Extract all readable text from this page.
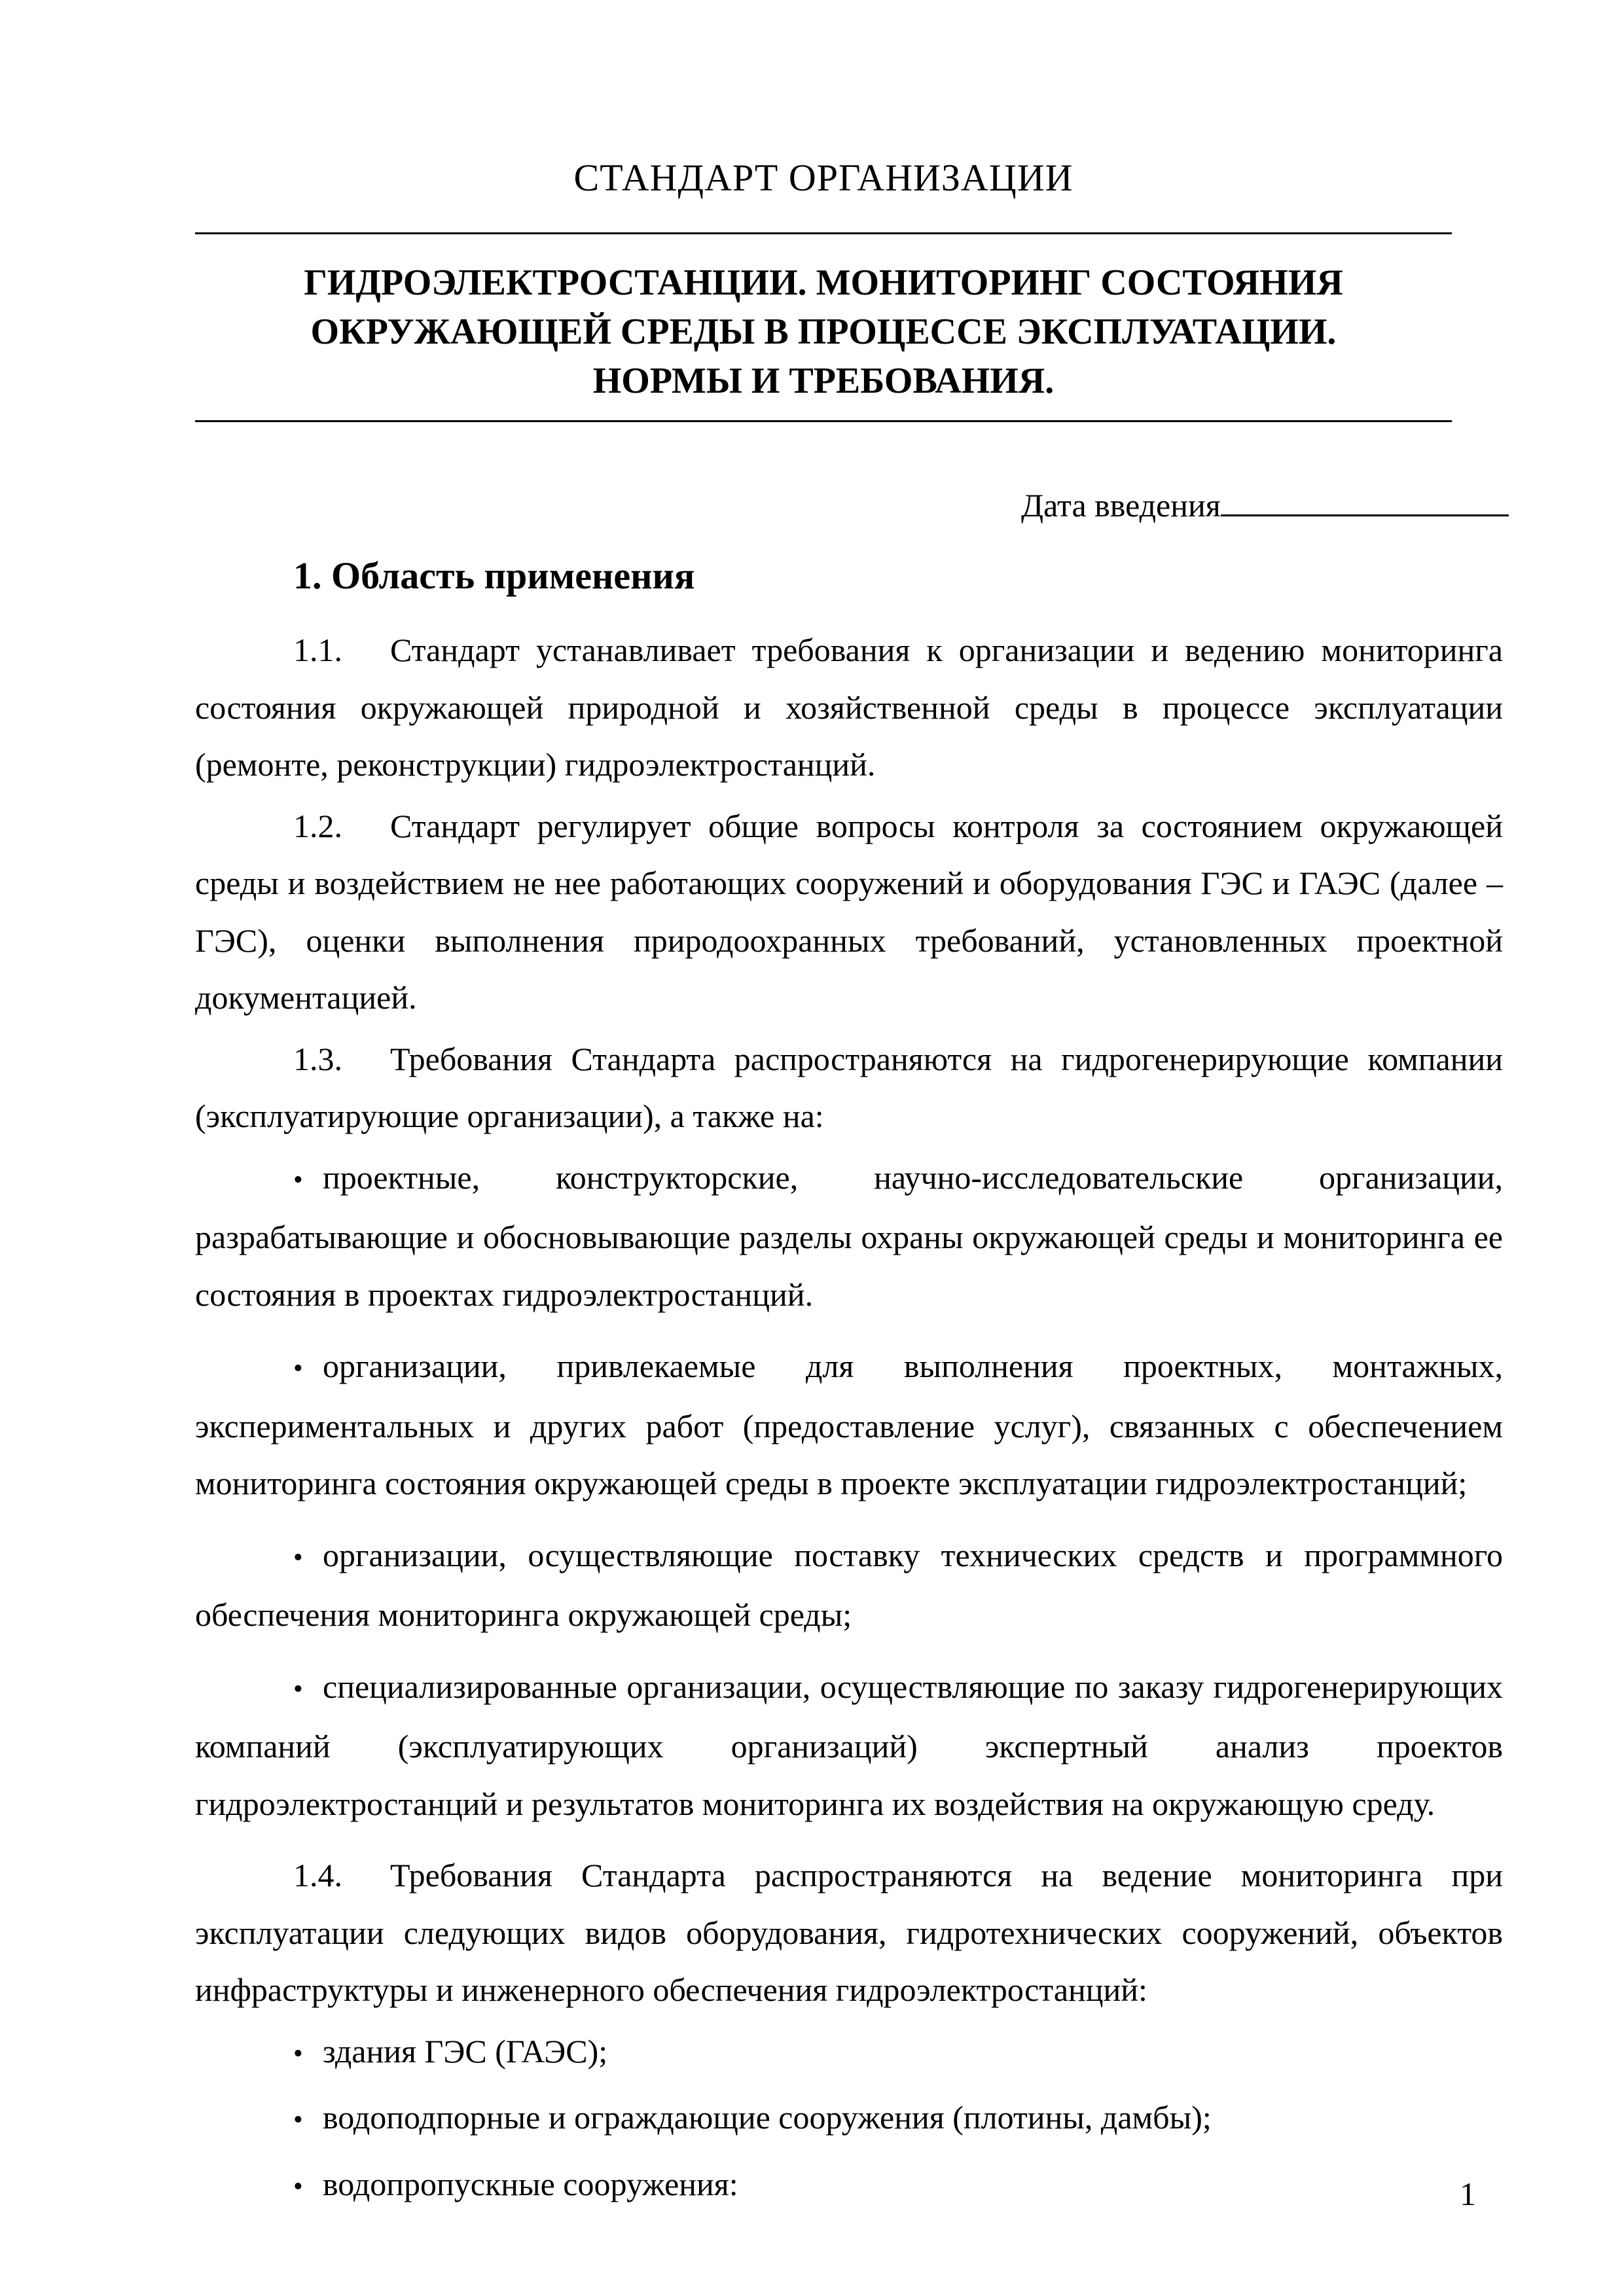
СТАНДАРТ ОРГАНИЗАЦИИ
ГИДРОЭЛЕКТРОСТАНЦИИ. МОНИТОРИНГ СОСТОЯНИЯ
ОКРУЖАЮЩЕЙ СРЕДЫ В ПРОЦЕССЕ ЭКСПЛУАТАЦИИ.
НОРМЫ И ТРЕБОВАНИЯ.
Дата введения
1. Область применения

1.1. Стандарт устанавливает требования к организации и ведению мониторинга состояния окружающей природной и хозяйственной среды в процессе эксплуатации (ремонте, реконструкции) гидроэлектростанций.

1.2. Стандарт регулирует общие вопросы контроля за состоянием окружающей среды и воздействием не нее работающих сооружений и оборудования ГЭС и ГАЭС (далее – ГЭС), оценки выполнения природоохранных требований, установленных проектной документацией.

1.3. Требования Стандарта распространяются на гидрогенерирующие компании (эксплуатирующие организации), а также на:

• проектные, конструкторские, научно-исследовательские организации, разрабатывающие и обосновывающие разделы охраны окружающей среды и мониторинга ее состояния в проектах гидроэлектростанций.

• организации, привлекаемые для выполнения проектных, монтажных, экспериментальных и других работ (предоставление услуг), связанных с обеспечением мониторинга состояния окружающей среды в проекте эксплуатации гидроэлектростанций;

• организации, осуществляющие поставку технических средств и программного обеспечения мониторинга окружающей среды;

• специализированные организации, осуществляющие по заказу гидрогенерирующих компаний (эксплуатирующих организаций) экспертный анализ проектов гидроэлектростанций и результатов мониторинга их воздействия на окружающую среду.

1.4. Требования Стандарта распространяются на ведение мониторинга при эксплуатации следующих видов оборудования, гидротехнических сооружений, объектов инфраструктуры и инженерного обеспечения гидроэлектростанций:

• здания ГЭС (ГАЭС);

• водоподпорные и ограждающие сооружения (плотины, дамбы);

• водопропускные сооружения:	1
